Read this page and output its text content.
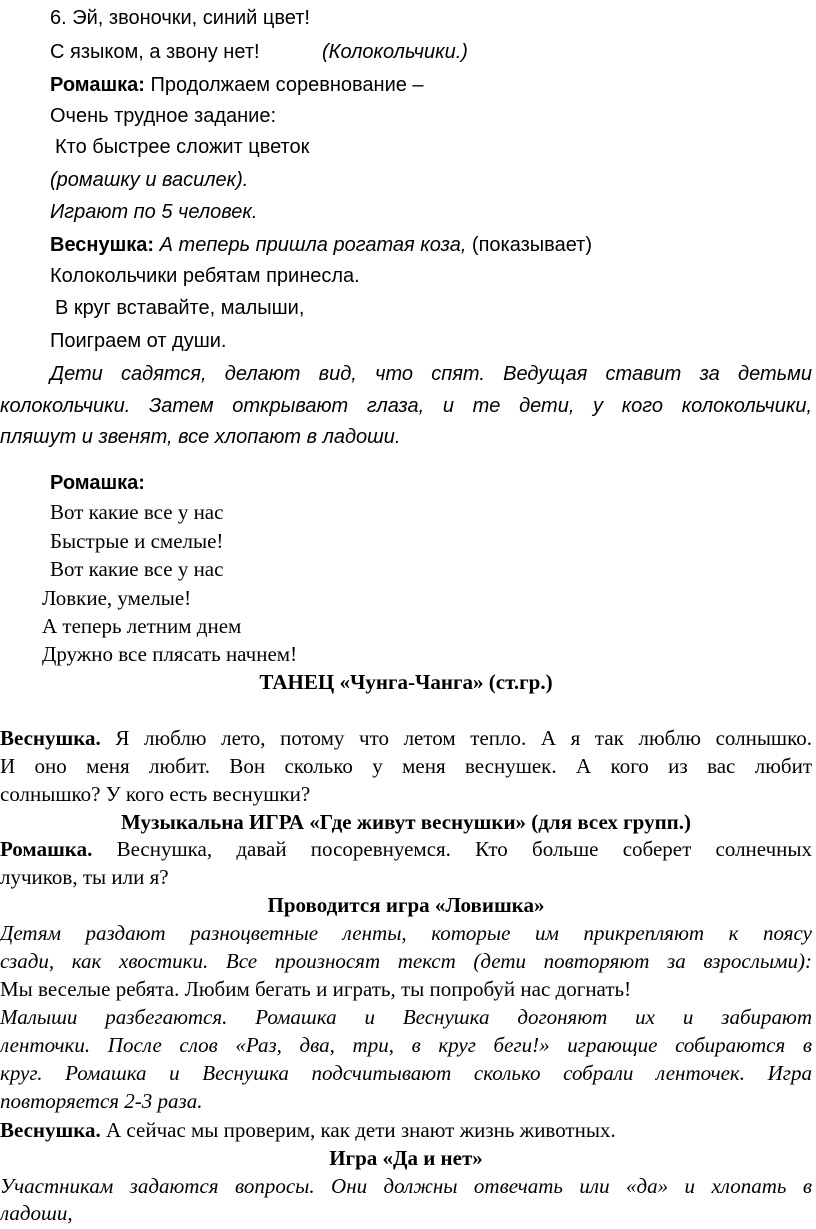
6. Эй, звоночки, синий цвет!
С языком, а звону нет!	(Колокольчики.)
Ромашка: Продолжаем соревнование –
Очень трудное задание:
Кто быстрее сложит цветок
(ромашку и василек).
Играют по 5 человек.
Веснушка: А теперь пришла рогатая коза, (показывает)
Колокольчики ребятам принесла.
В круг вставайте, малыши,
Поиграем от души.
Дети садятся, делают вид, что спят. Ведущая ставит за детьми
колокольчики. Затем открывают глаза, и те дети, у кого колокольчики,
пляшут и звенят, все хлопают в ладоши.
Ромашка:
Вот какие все у нас
Быстрые и смелые!
Вот какие все у нас
Ловкие, умелые!
А теперь летним днем
Дружно все плясать начнем!
ТАНЕЦ «Чунга-Чанга» (ст.гр.)
Веснушка. Я люблю лето, потому что летом тепло. А я так люблю солнышко.
И оно меня любит. Вон сколько у меня веснушек. А кого из вас любит
солнышко? У кого есть веснушки?
Музыкальна ИГРА «Где живут веснушки» (для всех групп.)
Ромашка. Веснушка, давай посоревнуемся. Кто больше соберет солнечных
лучиков, ты или я?
Проводится игра «Ловишка»
Детям раздают разноцветные ленты, которые им прикрепляют к поясу
сзади, как хвостики. Все произносят текст (дети повторяют за взрослыми):
Мы веселые ребята. Любим бегать и играть, ты попробуй нас догнать!
Малыши разбегаются. Ромашка и Веснушка догоняют их и забирают
ленточки. После слов «Раз, два, три, в круг беги!» играющие собираются в
круг. Ромашка и Веснушка подсчитывают сколько собрали ленточек. Игра
повторяется 2-3 раза.
Веснушка. А сейчас мы проверим, как дети знают жизнь животных.
Игра «Да и нет»
Участникам задаются вопросы. Они должны отвечать или «да» и хлопать в
ладоши,
